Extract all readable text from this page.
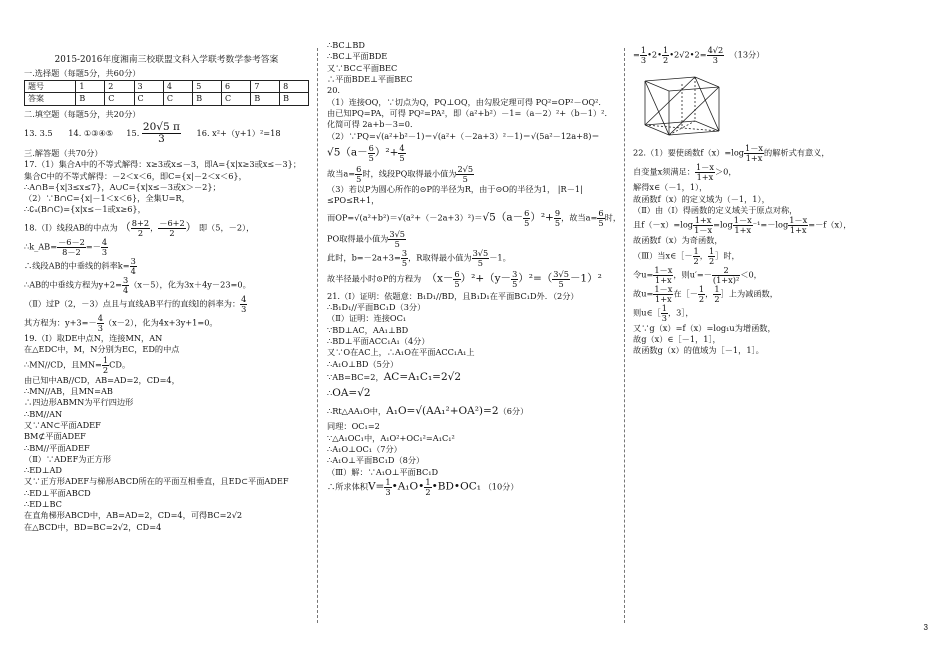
2015-2016年度湘南三校联盟文科入学联考数学参考答案
一.选择题（每题5分，共60分）
题号	1	2	3	4	5	6	7	8
答案	B	C	C	C	B	C	B	B
二.填空题（每题5分，共20分）
13. 3.5 14. ①③④⑤ 15. $\frac{20√5 \pi}{3} 16$. x²+（y+1）²=18
三.解答题（共70分）
17.（1）集合A中的不等式解得：x≥3或x≤－3，即A={x|x≥3或x≤－3}；
集合C中的不等式解得：－2＜x＜6，即C={x|－2＜x＜6}，
∴A∩B={x|3≤x≤7}，A∪C={x|x≤－3或x＞－2}；
（2）∵B∩C={x|－1＜x＜6}，全集U=R，
∴∁ᵤ(B∩C)={x|x≤－1或x≥6}，
18.（Ⅰ）线段AB的中点为 （ $\frac{8+2}{2}$ ， $\frac{-6+2}{2}$ ） 即（5，－2），
∴k_AB= $\frac{-6-2}{8-2} =- \frac{4}{3}$
∴线段AB的中垂线的斜率$k= \frac{3}{4}$
∴AB的中垂线方程为$y+2= \frac{3}{4} (x-5)$，化为3x＋4y－23=0。
（Ⅱ）过P（2，－3）点且与直线AB平行的直线l的斜率为： $\frac{4}{3}$
其方程为：$y+3=- \frac{4}{3} (x-2)$，化为4x+3y+1=0。
19.（Ⅰ）取DE中点N，连接MN，AN
在△EDC中，M，N分别为EC，ED的中点
∴MN//CD，且$MN= \frac{1}{2}$ CD。
由已知中AB//CD，AB=AD=2，CD=4，
∴MN//AB，且MN=AB
∴四边形ABMN为平行四边形
∴BM//AN
又∵AN⊂平面ADEF
BM⊄平面ADEF
∴BM//平面ADEF
（Ⅱ）∵ADEF为正方形
∴ED⊥AD
又∵正方形ADEF与梯形ABCD所在的平面互相垂直，且ED⊂平面ADEF
∴ED⊥平面ABCD
∴ED⊥BC
在直角梯形ABCD中，AB=AD=2，CD=4，可得BC=2√2
在△BCD中，BD=BC=2√2，CD=4
∴BC⊥BD
∴BC⊥平面BDE
又∵BC⊂平面BEC
∴平面BDE⊥平面BEC
20.
（1）连接OQ，∵切点为Q，PQ⊥OQ，由勾股定理可得 PQ²=OP²－OQ²．
由已知PQ=PA，可得 PQ²=PA²，即（a²+b²）－1=（a－2）²+（b－1）²．
化简可得 2a+b－3=0．
（2）∵PQ=√(a²+b²－1)＝√(a²+（－2a+3）²－1)＝√(5a²－12a+8)＝
$√5(a- \frac{6}{5} )^2+ \frac{4}{5}$
故当$a= \frac{6}{5}$ 时，线段PQ取得最小值为 $\frac{2√5}{5}$
（3）若以P为圆心所作的⊙P的半径为R，由于⊙O的半径为1， |R－1|
≤PO≤R+1，
而$OP=√(a^2+b^2)=√(a^2+(-2a+3)^2)=√5(a- \frac{6}{5} )^2+ \frac{9}{5}$ ，故当$a= \frac{6}{5}$ 时，
PO取得最小值为 $\frac{3√5}{5}$
此时，$b=-2a+3= \frac{3}{5}$ ，R取得最小值为 $\frac{3√5}{5} -1$。
故半径最小时⊙P的方程为 $(x- \frac{6}{5} )^2+(y- \frac{3}{5} )^2=( \frac{3√5}{5} -1)^2$
21.（Ⅰ）证明：依题意：B₁D₁//BD，且B₁D₁在平面BC₁D外．（2分）
∴B₁D₁//平面BC₁D（3分）
（Ⅱ）证明：连接OC₁
∵BD⊥AC，AA₁⊥BD
∴BD⊥平面ACC₁A₁（4分）
又∵O在AC上，∴A₁O在平面ACC₁A₁上
∴A₁O⊥BD（5分）
∵AB=BC=2，AC=A₁C₁=2√2
∴OA=√2
∴Rt△AA₁O中，A₁O=√(AA₁²+OA²)=2（6分）
同理：OC₁=2
∵△A₁OC₁中，A₁O²+OC₁²=A₁C₁²
∴A₁O⊥OC₁（7分）
∴A₁O⊥平面BC₁D（8分）
（Ⅲ）解：∵A₁O⊥平面BC₁D
∴所求体积$V= \frac{1}{3}$ •A₁O• $\frac{1}{2}$ •BD•OC₁ （10分）
= $\frac{1}{3}$ •2• $\frac{1}{2}$ •2√2•2= $\frac{4√2}{3} (13$分）
22.（1）要使函数$f(x)=\log \frac{1-x}{1+x}$ 的解析式有意义，
自变量x须满足： $\frac{1-x}{1+x} >0$，
解得x∈（－1，1），
故函数f（x）的定义域为（－1，1），
（Ⅱ）由（Ⅰ）得函数的定义域关于原点对称，
且$f(-x)=\log \frac{1+x}{1-x} =\log \frac{1-x}{1+x} ^{-1}=-\log \frac{1-x}{1+x} =-f(x)$，
故函数f（x）为奇函数，
（Ⅲ）当x∈［－ $\frac{1}{2}$ ， $\frac{1}{2}$ ］时，
令$u= \frac{1-x}{1+x}$ ，则$u'=- \frac{2}{\text{(1+x)²}} <0$，
故$u= \frac{1-x}{1+x}$ 在［－ $\frac{1}{2}$ ， $\frac{1}{2}$ ］上为减函数，
则u∈［ $\frac{1}{3}$ ，3］，
又∵g（x）=f（x）=log₁u为增函数，
故g（x）∈［－1，1］，
故函数g（x）的值域为［－1，1］。
3
